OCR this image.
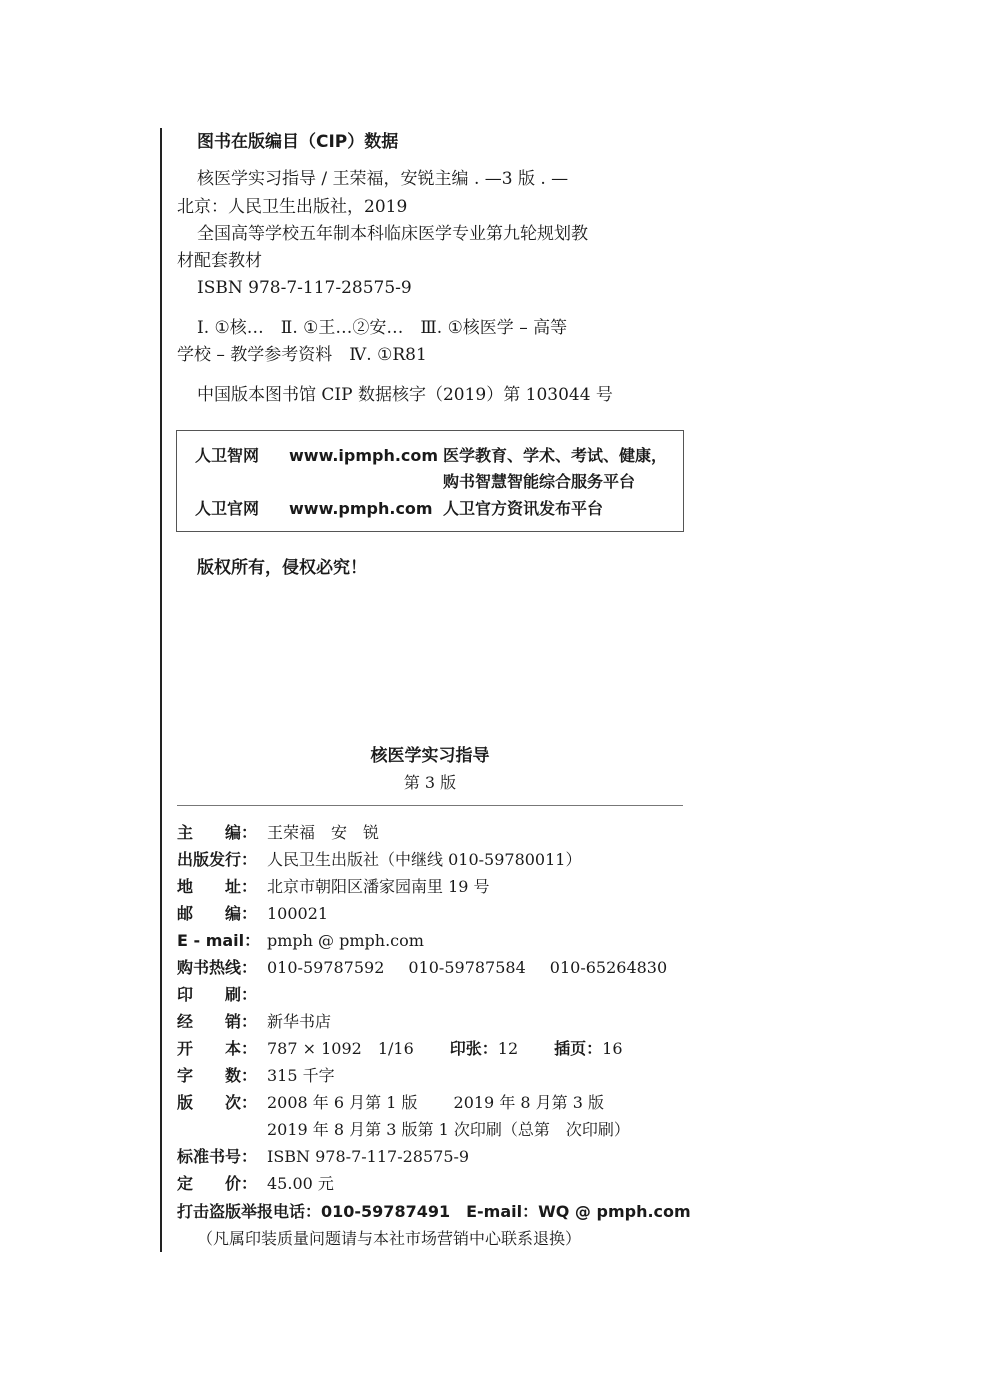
图书在版编目（CIP）数据
核医学实习指导 / 王荣福，安锐主编 . —3 版 . —
北京：人民卫生出版社，2019
全国高等学校五年制本科临床医学专业第九轮规划教
材配套教材
ISBN 978-7-117-28575-9
Ⅰ. ①核…　Ⅱ. ①王…②安…　Ⅲ. ①核医学 – 高等
学校 – 教学参考资料　Ⅳ. ①R81
中国版本图书馆 CIP 数据核字（2019）第 103044 号
人卫智网 www.ipmph.com 医学教育、学术、考试、健康，
购书智慧智能综合服务平台
人卫官网 www.pmph.com 人卫官方资讯发布平台
版权所有，侵权必究！
核医学实习指导
第 3 版
主　　编： 王荣福　安　锐
出版发行： 人民卫生出版社（中继线 010-59780011）
地　　址： 北京市朝阳区潘家园南里 19 号
邮　　编： 100021
E - mail： pmph @ pmph.com
购书热线： 010-59787592 010-59787584 010-65264830
印　　刷：
经　　销： 新华书店
开　　本： 787 × 1092　1/16 印张：12 插页：16
字　　数： 315 千字
版　　次： 2008 年 6 月第 1 版 2019 年 8 月第 3 版
2019 年 8 月第 3 版第 1 次印刷（总第　次印刷）
标准书号： ISBN 978-7-117-28575-9
定　　价： 45.00 元
打击盗版举报电话：010-59787491　E-mail：WQ @ pmph.com
（凡属印装质量问题请与本社市场营销中心联系退换）
